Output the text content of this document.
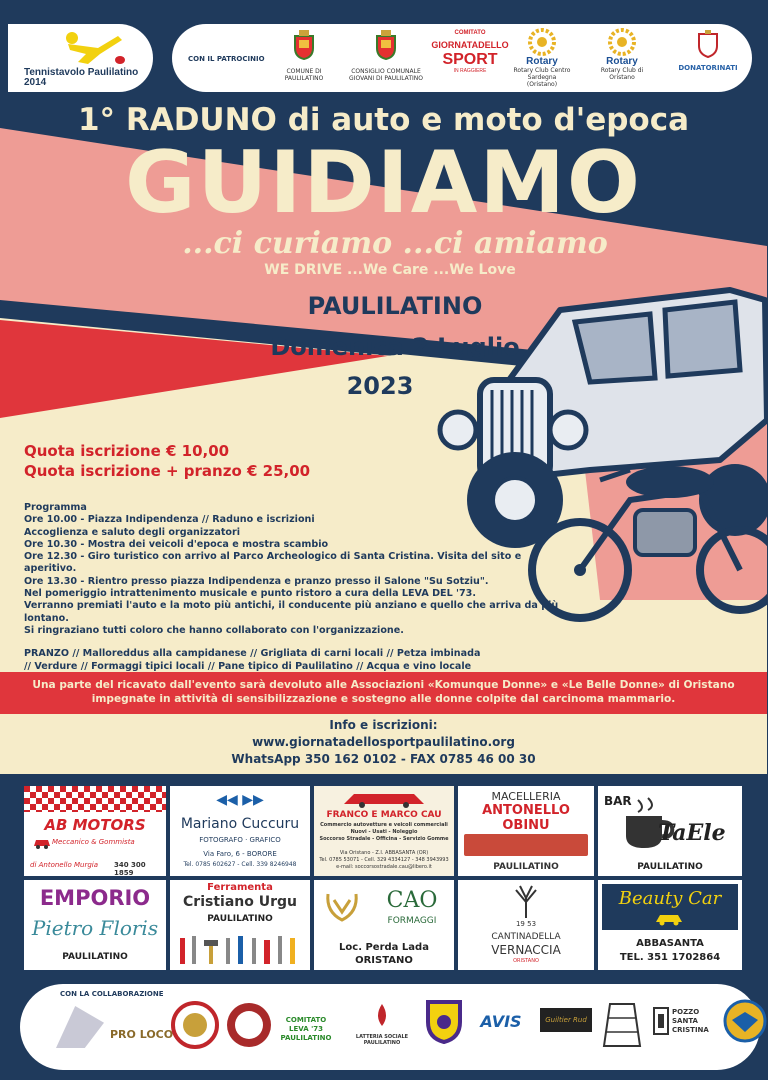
Tennistavolo Paulilatino 2014
CON IL PATROCINIO
COMUNE DI PAULILATINO
CONSIGLIO COMUNALE GIOVANI DI PAULILATINO
COMITATO
GIORNATADELLO
SPORT
IN RAGGIERE
Rotary
Rotary Club Centro Sardegna (Oristano)
Rotary
Rotary Club di Oristano
DONATORINATI
1° RADUNO di auto e moto d'epoca
GUIDIAMO
...ci curiamo ...ci amiamo
WE DRIVE ...We Care ...We Love
PAULILATINO
Domenica 2 Luglio
2023
Quota iscrizione € 10,00
Quota iscrizione + pranzo € 25,00
Programma
Ore 10.00 - Piazza Indipendenza // Raduno e iscrizioni
Accoglienza e saluto degli organizzatori
Ore 10.30 - Mostra dei veicoli d'epoca e mostra scambio
Ore 12.30 - Giro turistico con arrivo al Parco Archeologico di Santa Cristina. Visita del sito e aperitivo.
Ore 13.30 - Rientro presso piazza Indipendenza e pranzo presso il Salone "Su Sotziu".
Nel pomeriggio intrattenimento musicale e punto ristoro a cura della LEVA DEL '73.
Verranno premiati l'auto e la moto più antichi, il conducente più anziano e quello che arriva da più lontano.
Si ringraziano tutti coloro che hanno collaborato con l'organizzazione.
PRANZO // Malloreddus alla campidanese // Grigliata di carni locali // Petza imbinada
// Verdure // Formaggi tipici locali // Pane tipico di Paulilatino // Acqua e vino locale
Una parte del ricavato dall'evento sarà devoluto alle Associazioni «Komunque Donne» e «Le Belle Donne» di Oristano
impegnate in attività di sensibilizzazione e sostegno alle donne colpite dal carcinoma mammario.
Info e iscrizioni:
www.giornatadellosportpaulilatino.org
WhatsApp 350 162 0102 - FAX 0785 46 00 30
AB MOTORS
Meccanico & Gommista
di Antonello Murgia 340 300 1859
◀◀ ▶▶
Mariano Cuccuru
FOTOGRAFO · GRAFICO
Via Faro, 6 - BORORE
Tel. 0785 602627 - Cell. 339 8246948
FRANCO E MARCO CAU
Commercio autovetture e veicoli commerciali
Nuovi - Usati - Noleggio
Soccorso Stradale - Officina - Servizio Gomme
Via Oristano - Z.I. ABBASANTA (OR)
Tel. 0785 53071 - Cell. 329 4334127 - 348 3943993
e-mail: soccorsostradale.cau@libero.it
MACELLERIA
ANTONELLO
OBINU
PAULILATINO
BAR
TaEle
PAULILATINO
EMPORIO
Pietro Floris
PAULILATINO
Ferramenta
Cristiano Urgu
PAULILATINO
CAO
FORMAGGI
Loc. Perda Lada
ORISTANO
19 53
CANTINADELLA
VERNACCIA
ORISTANO
Beauty Car
ABBASANTA
TEL. 351 1702864
CON LA COLLABORAZIONE
PRO LOCO
COMITATO LEVA '73 PAULILATINO	LATTERIA SOCIALE PAULILATINO
AVIS	Guiltier Rud
POZZO SANTA CRISTINA
